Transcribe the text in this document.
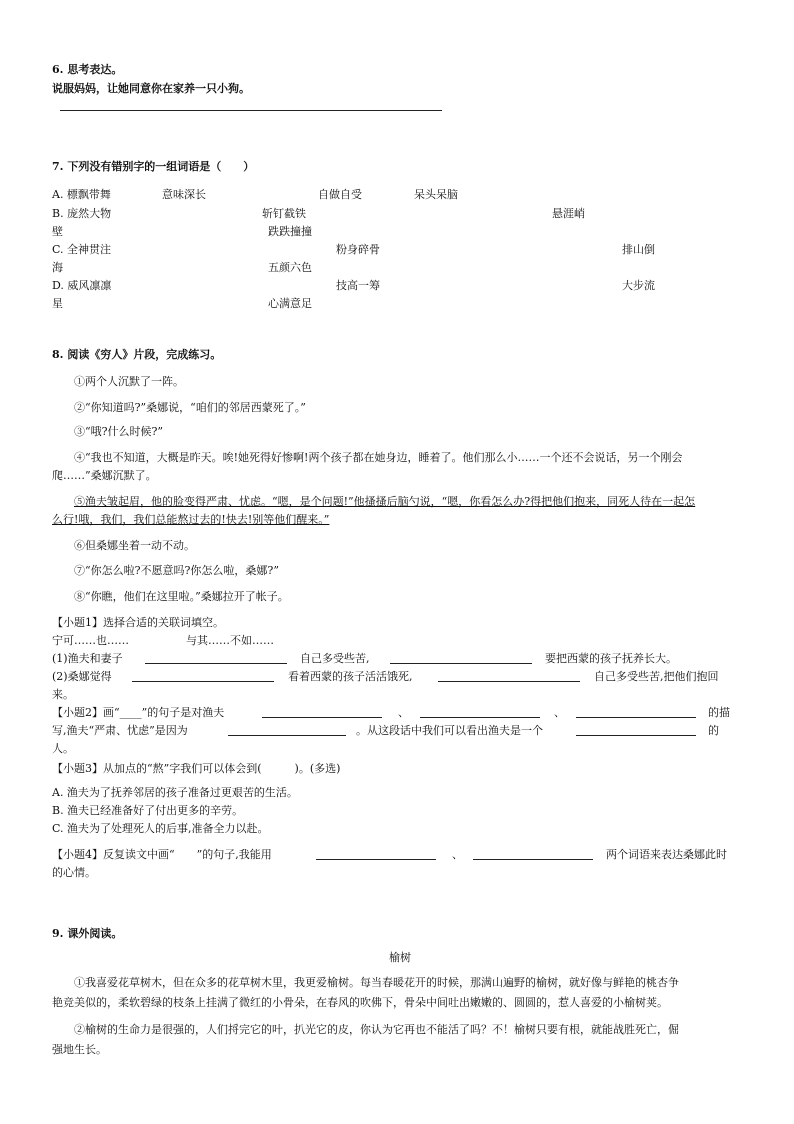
6. 思考表达。
说服妈妈，让她同意你在家养一只小狗。
7. 下列没有错别字的一组词语是（　　）
A. 標飘带舞	意味深长	自做自受	呆头呆脑
B. 庞然大物	斩钉截铁	悬涯峭
壁	跌跌撞撞
C. 全神贯注	粉身碎骨	排山倒
海	五颜六色
D. 威风凛凛	技高一筹	大步流
星	心满意足
8. 阅读《穷人》片段，完成练习。
①两个人沉默了一阵。
②“你知道吗?”桑娜说，“咱们的邻居西蒙死了。”
③“哦?什么时候?”
④“我也不知道，大概是昨天。唉!她死得好惨啊!两个孩子都在她身边，睡着了。他们那么小……一个还不会说话，另一个刚会
爬……”桑娜沉默了。
⑤渔夫皱起眉，他的脸变得严肃、忧虑。“嗯，是个问题!”他搔搔后脑勺说，“嗯，你看怎么办?得把他们抱来，同死人待在一起怎
么行!哦，我们，我们总能熬过去的!快去!别等他们醒来。”
⑥但桑娜坐着一动不动。
⑦“你怎么啦?不愿意吗?你怎么啦，桑娜?”
⑧“你瞧，他们在这里啦。”桑娜拉开了帐子。
【小题1】选择合适的关联词填空。
宁可……也……	与其……不如……
(1)渔夫和妻子	自己多受些苦,	要把西蒙的孩子抚养长大。
(2)桑娜觉得	看着西蒙的孩子活活饿死,	自己多受些苦,把他们抱回
来。
【小题2】画“____”的句子是对渔夫	、	、	的描
写,渔夫“严肃、忧虑”是因为	。从这段话中我们可以看出渔夫是一个	的
人。
【小题3】从加点的“熬”字我们可以体会到(　　　)。(多选)
A. 渔夫为了抚养邻居的孩子准备过更艰苦的生活。
B. 渔夫已经准备好了付出更多的辛劳。
C. 渔夫为了处理死人的后事,准备全力以赴。
【小题4】反复读文中画“　　”的句子,我能用	、	两个词语来表达桑娜此时
的心情。
9. 课外阅读。
榆树
①我喜爱花草树木，但在众多的花草树木里，我更爱榆树。每当春暖花开的时候，那满山遍野的榆树，就好像与鲜艳的桃杏争
艳竞美似的，柔软碧绿的枝条上挂满了微红的小骨朵，在春风的吹佛下，骨朵中间吐出嫩嫩的、圆圆的，惹人喜爱的小榆树荚。
②榆树的生命力是很强的，人们捋完它的叶，扒光它的皮，你认为它再也不能活了吗？不！榆树只要有根，就能战胜死亡，倔
强地生长。
